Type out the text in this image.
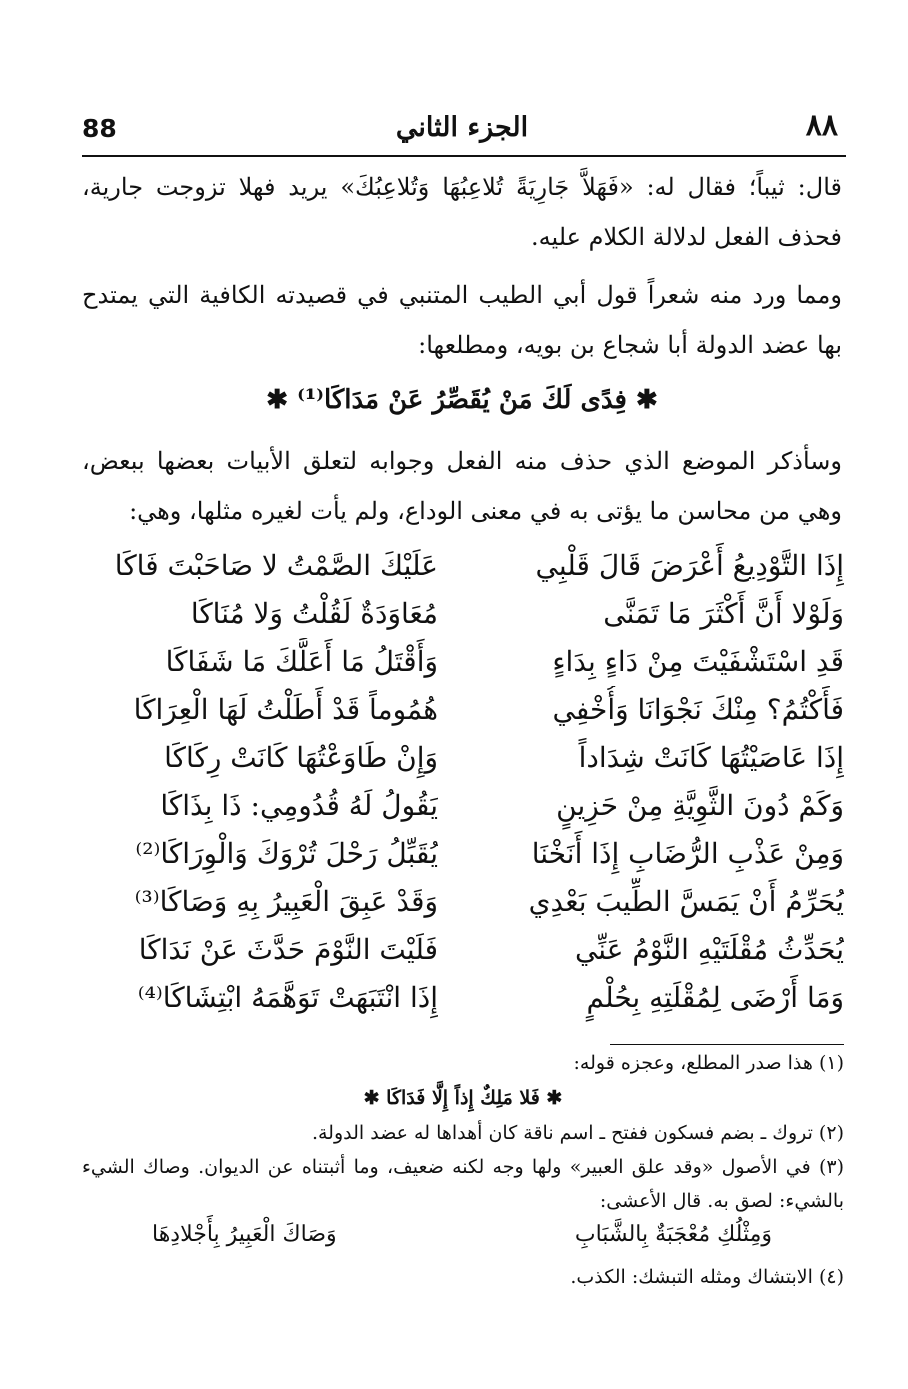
88	الجزء الثاني	٨٨
قال: ثيباً؛ فقال له: «فَهَلاَّ جَارِيَةً تُلاعِبُهَا وَتُلاعِبُكَ» يريد فهلا تزوجت جارية، فحذف الفعل لدلالة الكلام عليه.
ومما ورد منه شعراً قول أبي الطيب المتنبي في قصيدته الكافية التي يمتدح بها عضد الدولة أبا شجاع بن بويه، ومطلعها:
✱ فِدًى لَكَ مَنْ يُقَصِّرُ عَنْ مَدَاكَا⁽¹⁾ ✱
وسأذكر الموضع الذي حذف منه الفعل وجوابه لتعلق الأبيات بعضها ببعض، وهي من محاسن ما يؤتى به في معنى الوداع، ولم يأت لغيره مثلها، وهي:
إِذَا التَّوْدِيعُ أَعْرَضَ قَالَ قَلْبِي
عَلَيْكَ الصَّمْتُ لا صَاحَبْتَ فَاكَا
وَلَوْلا أَنَّ أَكْثَرَ مَا تَمَنَّى
مُعَاوَدَةٌ لَقُلْتُ وَلا مُنَاكَا
قَدِ اسْتَشْفَيْتَ مِنْ دَاءٍ بِدَاءٍ
وَأَقْتَلُ مَا أَعَلَّكَ مَا شَفَاكَا
فَأَكْتُمُ؟ مِنْكَ نَجْوَانَا وَأُخْفِي
هُمُوماً قَدْ أَطَلْتُ لَهَا الْعِرَاكَا
إِذَا عَاصَيْتُهَا كَانَتْ شِدَاداً
وَإِنْ طَاوَعْتُهَا كَانَتْ رِكَاكَا
وَكَمْ دُونَ الثَّوِيَّةِ مِنْ حَزِينٍ
يَقُولُ لَهُ قُدُومِي: ذَا بِذَاكَا
وَمِنْ عَذْبِ الرُّضَابِ إِذَا أَنَخْنَا
يُقَبِّلُ رَحْلَ تُرْوَكَ وَالْوِرَاكَا⁽²⁾
يُحَرِّمُ أَنْ يَمَسَّ الطِّيبَ بَعْدِي
وَقَدْ عَبِقَ الْعَبِيرُ بِهِ وَصَاكَا⁽³⁾
يُحَدِّثُ مُقْلَتَيْهِ النَّوْمُ عَنِّي
فَلَيْتَ النَّوْمَ حَدَّثَ عَنْ نَدَاكَا
وَمَا أَرْضَى لِمُقْلَتِهِ بِحُلْمٍ
إِذَا انْتَبَهَتْ تَوَهَّمَهُ ابْتِشَاكَا⁽⁴⁾
(١) هذا صدر المطلع، وعجزه قوله:
✱ فَلا مَلِكٌ إِذاً إِلَّا فَدَاكَا ✱
(٢) تروك ـ بضم فسكون ففتح ـ اسم ناقة كان أهداها له عضد الدولة.
(٣) في الأصول «وقد علق العبير» ولها وجه لكنه ضعيف، وما أثبتناه عن الديوان. وصاك الشيء بالشيء: لصق به. قال الأعشى:
وَمِثْلُكِ مُعْجَبَةٌ بِالشَّبَابِ
وَصَاكَ الْعَبِيرُ بِأَجْلادِهَا
(٤) الابتشاك ومثله التبشك: الكذب.
